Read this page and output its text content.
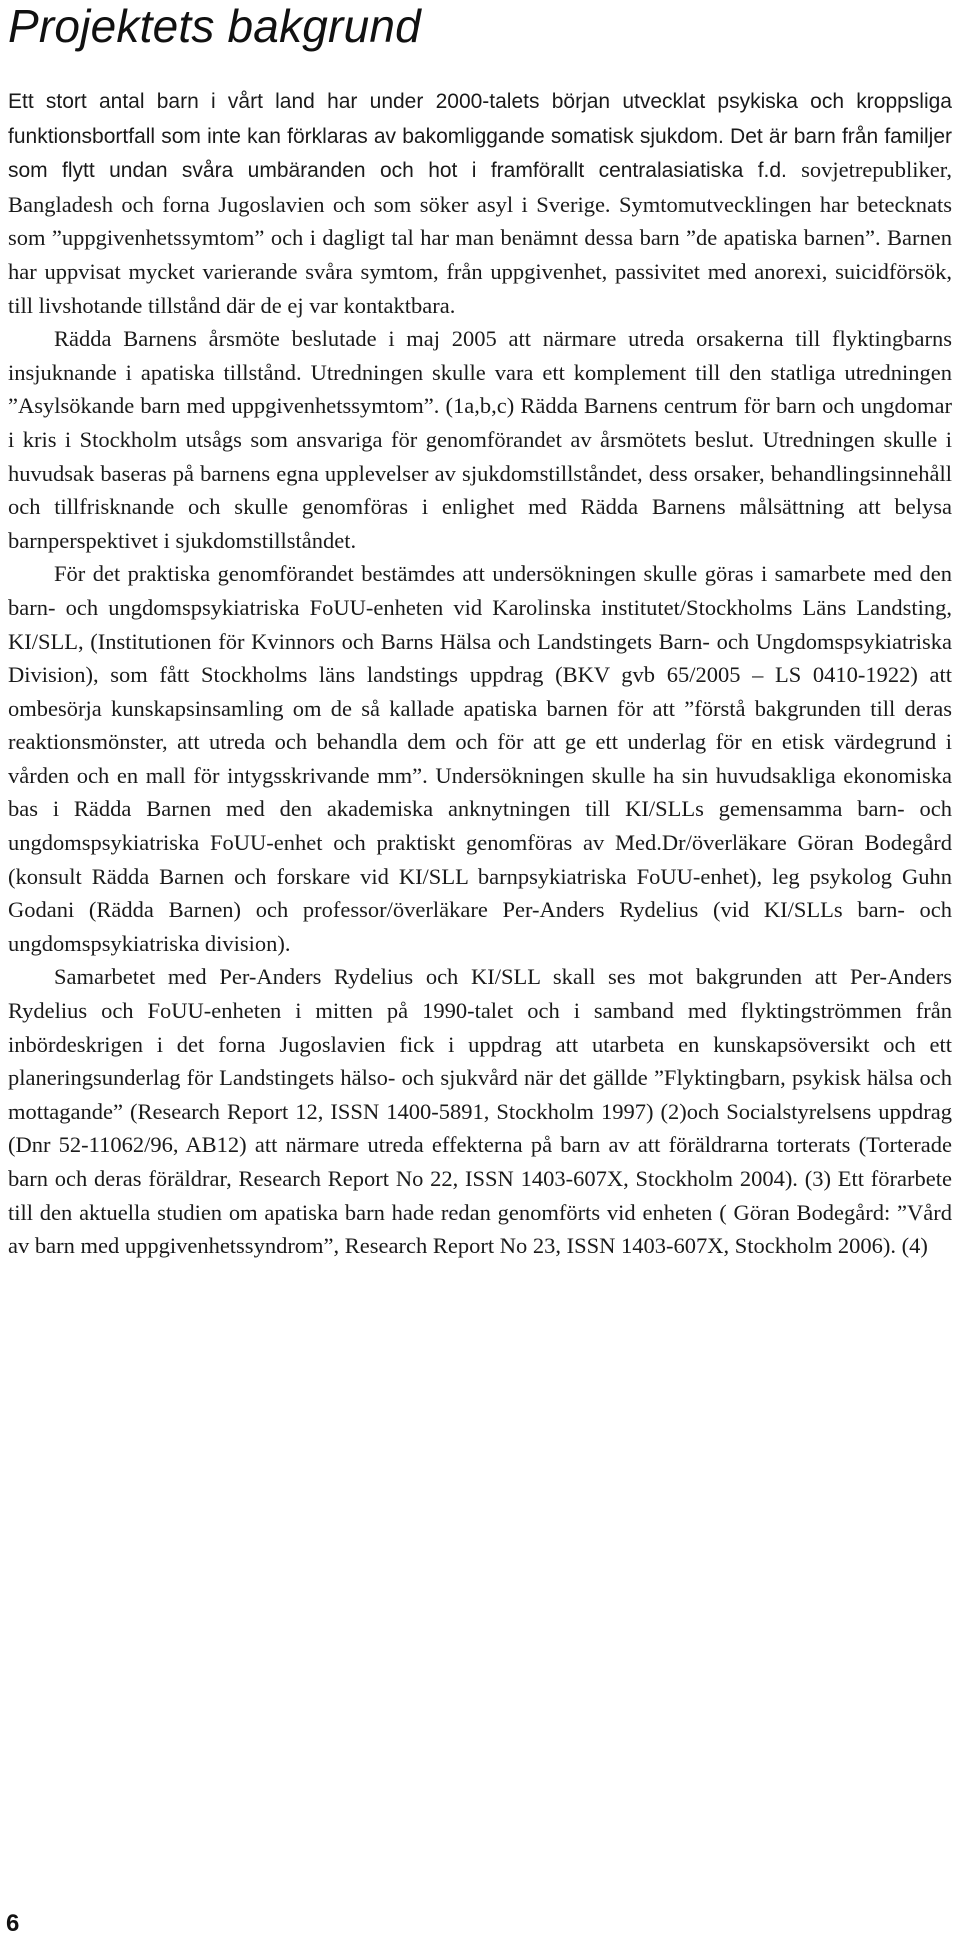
Projektets bakgrund

Ett stort antal barn i vårt land har under 2000-talets början utvecklat psykiska och kroppsliga funktionsbortfall som inte kan förklaras av bakomliggande somatisk sjukdom. Det är barn från familjer som flytt undan svåra umbäranden och hot i framförallt centralasiatiska f.d. sovjetrepubliker, Bangladesh och forna Jugoslavien och som söker asyl i Sverige. Symtomutvecklingen har betecknats som ”uppgivenhetssymtom” och i dagligt tal har man benämnt dessa barn ”de apatiska barnen”. Barnen har uppvisat mycket varierande svåra symtom, från uppgivenhet, passivitet med anorexi, suicidförsök, till livshotande tillstånd där de ej var kontaktbara.

Rädda Barnens årsmöte beslutade i maj 2005 att närmare utreda orsakerna till flyktingbarns insjuknande i apatiska tillstånd. Utredningen skulle vara ett komplement till den statliga utredningen ”Asylsökande barn med uppgivenhetssymtom”. (1a,b,c) Rädda Barnens centrum för barn och ungdomar i kris i Stockholm utsågs som ansvariga för genomförandet av årsmötets beslut. Utredningen skulle i huvudsak baseras på barnens egna upplevelser av sjukdomstillståndet, dess orsaker, behandlingsinnehåll och tillfrisknande och skulle genomföras i enlighet med Rädda Barnens målsättning att belysa barnperspektivet i sjukdomstillståndet.

För det praktiska genomförandet bestämdes att undersökningen skulle göras i samarbete med den barn- och ungdomspsykiatriska FoUU-enheten vid Karolinska institutet/Stockholms Läns Landsting, KI/SLL, (Institutionen för Kvinnors och Barns Hälsa och Landstingets Barn- och Ungdomspsykiatriska Division), som fått Stockholms läns landstings uppdrag (BKV gvb 65/2005 – LS 0410-1922) att ombesörja kunskapsinsamling om de så kallade apatiska barnen för att ”förstå bakgrunden till deras reaktionsmönster, att utreda och behandla dem och för att ge ett underlag för en etisk värdegrund i vården och en mall för intygsskrivande mm”. Undersökningen skulle ha sin huvudsakliga ekonomiska bas i Rädda Barnen med den akademiska anknytningen till KI/SLLs gemensamma barn- och ungdomspsykiatriska FoUU-enhet och praktiskt genomföras av Med.Dr/överläkare Göran Bodegård (konsult Rädda Barnen och forskare vid KI/SLL barnpsykiatriska FoUU-enhet), leg psykolog Guhn Godani (Rädda Barnen) och professor/överläkare Per-Anders Rydelius (vid KI/SLLs barn- och ungdomspsykiatriska division).

Samarbetet med Per-Anders Rydelius och KI/SLL skall ses mot bakgrunden att Per-Anders Rydelius och FoUU-enheten i mitten på 1990-talet och i samband med flyktingströmmen från inbördeskrigen i det forna Jugoslavien fick i uppdrag att utarbeta en kunskapsöversikt och ett planeringsunderlag för Landstingets hälso- och sjukvård när det gällde ”Flyktingbarn, psykisk hälsa och mottagande” (Research Report 12, ISSN 1400-5891, Stockholm 1997) (2)och Socialstyrelsens uppdrag (Dnr 52-11062/96, AB12) att närmare utreda effekterna på barn av att föräldrarna torterats (Torterade barn och deras föräldrar, Research Report No 22, ISSN 1403-607X, Stockholm 2004). (3) Ett förarbete till den aktuella studien om apatiska barn hade redan genomförts vid enheten ( Göran Bodegård: ”Vård av barn med uppgivenhetssyndrom”, Research Report No 23, ISSN 1403-607X, Stockholm 2006). (4)

6
